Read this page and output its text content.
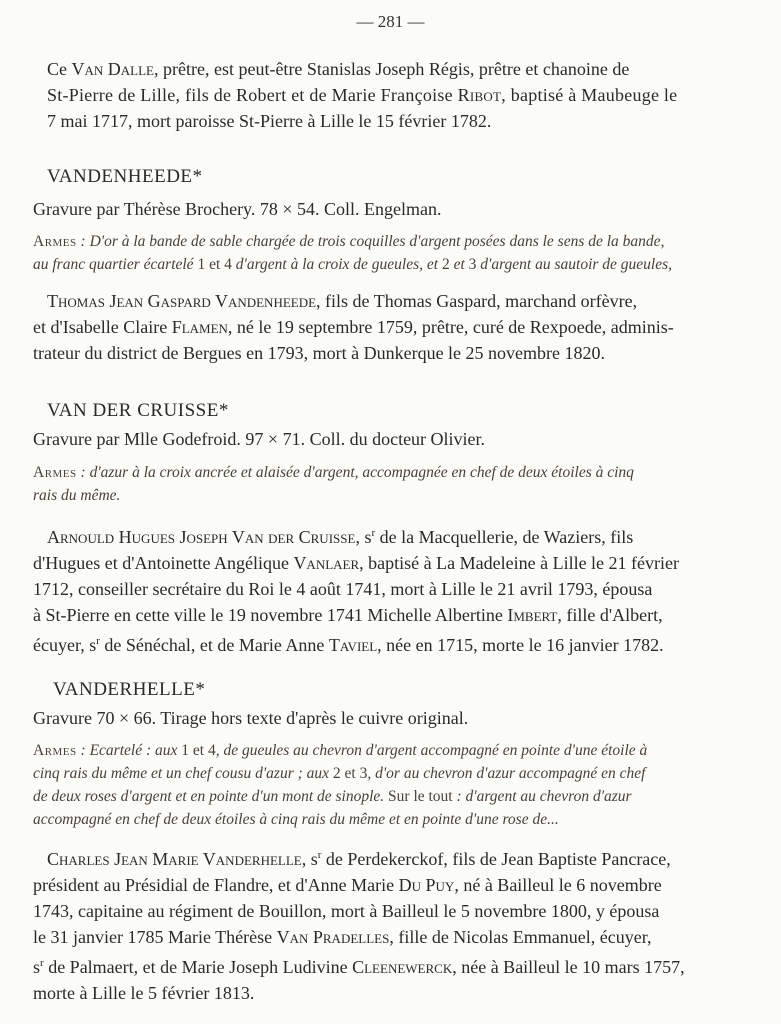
— 281 —
Ce Van Dalle, prêtre, est peut-être Stanislas Joseph Régis, prêtre et chanoine de
St-Pierre de Lille, fils de Robert et de Marie Françoise Ribot, baptisé à Maubeuge le
7 mai 1717, mort paroisse St-Pierre à Lille le 15 février 1782.
VANDENHEEDE*
Gravure par Thérèse Brochery. 78 × 54. Coll. Engelman.
Armes : D'or à la bande de sable chargée de trois coquilles d'argent posées dans le sens de la bande,
au franc quartier écartelé 1 et 4 d'argent à la croix de gueules, et 2 et 3 d'argent au sautoir de gueules,
Thomas Jean Gaspard Vandenheede, fils de Thomas Gaspard, marchand orfèvre,
et d'Isabelle Claire Flamen, né le 19 septembre 1759, prêtre, curé de Rexpoede, adminis-
trateur du district de Bergues en 1793, mort à Dunkerque le 25 novembre 1820.
VAN DER CRUISSE*
Gravure par Mlle Godefroid. 97 × 71. Coll. du docteur Olivier.
Armes : d'azur à la croix ancrée et alaisée d'argent, accompagnée en chef de deux étoiles à cinq
rais du même.
Arnould Hugues Joseph Van der Cruisse, $s^r$ de la Macquellerie, de Waziers, fils
d'Hugues et d'Antoinette Angélique Vanlaer, baptisé à La Madeleine à Lille le 21 février
1712, conseiller secrétaire du Roi le 4 août 1741, mort à Lille le 21 avril 1793, épousa
à St-Pierre en cette ville le 19 novembre 1741 Michelle Albertine Imbert, fille d'Albert,
écuyer, $s^r$ de Sénéchal, et de Marie Anne Taviel, née en 1715, morte le 16 janvier 1782.
VANDERHELLE*
Gravure 70 × 66. Tirage hors texte d'après le cuivre original.
Armes : Ecartelé : aux 1 et 4, de gueules au chevron d'argent accompagné en pointe d'une étoile à
cinq rais du même et un chef cousu d'azur ; aux 2 et 3, d'or au chevron d'azur accompagné en chef
de deux roses d'argent et en pointe d'un mont de sinople. Sur le tout : d'argent au chevron d'azur
accompagné en chef de deux étoiles à cinq rais du même et en pointe d'une rose de...
Charles Jean Marie Vanderhelle, $s^r$ de Perdekerckof, fils de Jean Baptiste Pancrace,
président au Présidial de Flandre, et d'Anne Marie Du Puy, né à Bailleul le 6 novembre
1743, capitaine au régiment de Bouillon, mort à Bailleul le 5 novembre 1800, y épousa
le 31 janvier 1785 Marie Thérèse Van Pradelles, fille de Nicolas Emmanuel, écuyer,
$s^r$ de Palmaert, et de Marie Joseph Ludivine Cleenewerck, née à Bailleul le 10 mars 1757,
morte à Lille le 5 février 1813.
